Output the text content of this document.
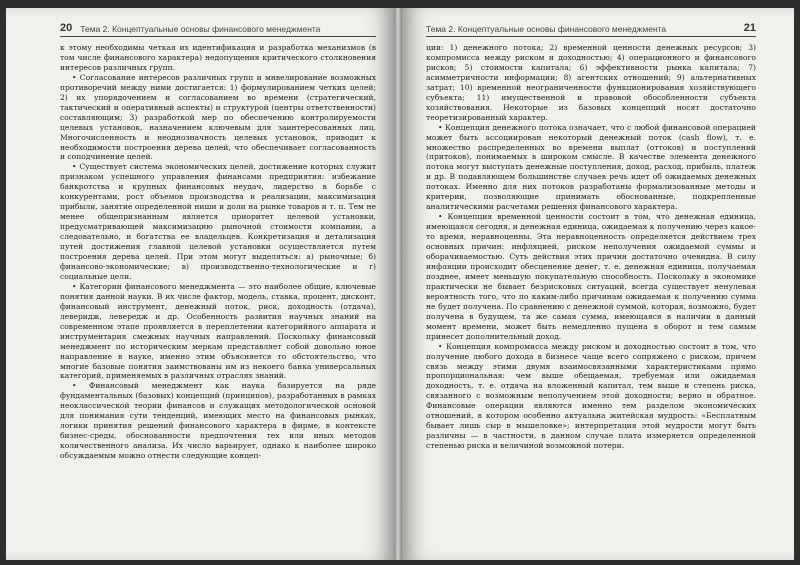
20 Тема 2. Концептуальные основы финансового менеджмента

к этому необходимы четкая их идентификация и разработка механизмов (в том числе финансового характера) недопущения критического столкновения интересов различных групп.

• Согласование интересов различных групп и мнвелирование возможных противоречий между ними достигается: 1) формулированием четких целей; 2) их упорядочением и согласованием во времени (стратегический, тактический и оперативный аспекты) и структурой (центры ответственности) составляющим; 3) разработкой мер по обеспечению контролируемости целевых установок, назначением ключевым для заинтересованных лиц. Многочисленность и неоднозначность целевых установок, приводит к необходимости построения дерева целей, что обеспечивает согласованность и соподчинение целей.

• Существует система экономических целей, достижение которых служит признаком успешного управления финансами предприятия: избежание банкротства и крупных финансовых неудач, лидерство в борьбе с конкурентами, рост объемов производства и реализации, максимизация прибыли, занятие определенной ниши и доли на рынке товаров и т. п. Тем не менее общепризнанным является приоритет целевой установки, предусматривающей максимизацию рыночной стоимости компании, а следовательно, и богатства ее владельцев. Конкретизация и детализация путей достижения главной целевой установки осуществляется путем построения дерева целей. При этом могут выделяться: а) рыночные; б) финансово-экономические; в) производственно-технологические и г) социальные цели.

• Категории финансового менеджмента — это наиболее общие, ключевые понятия данной науки. В их числе фактор, модель, ставка, процент, дисконт, финансовый инструмент, денежный поток, риск, доходность (отдача), леверидж, левередж и др. Особенность развития научных знаний на современном этапе проявляется в переплетении категорийного аппарата и инструментария смежных научных направлений. Поскольку финансовый менеджмент по историческим меркам представляет собой довольно юное направление в науке, именно этим объясняется то обстоятельство, что многие базовые понятия заимствованы им из некоего банка универсальных категорий, применяемых в различных отраслях знаний.

• Финансовый менеджмент как наука базируется на ряде фундаментальных (базовых) концепций (принципов), разработанных в рамках неоклассической теории финансов и служащих методологической основой для понимания сути тенденций, имеющих место на финансовых рынках, логики принятия решений финансового характера в фирме, в контексте бизнес-среды, обоснованности предпочтения тех или иных методов количественного анализа. Их число варьирует, однако к наиболее широко обсуждаемым можно отнести следующие концеп-

Тема 2. Концептуальные основы финансового менеджмента	21

ции: 1) денежного потока; 2) временной ценности денежных ресурсов; 3) компромисса между риском и доходностью; 4) операционного и финансового рисков; 5) стоимости капитала; 6) эффективности рынка капитала; 7) асимметричности информации; 8) агентских отношений; 9) альтернативных затрат; 10) временной неограниченности функционирования хозяйствующего субъекта; 11) имущественной и правовой обособленности субъекта хозяйствования. Некоторые из базовых концепций носят достаточно теоретизированный характер.

• Концепция денежного потока означает, что с любой финансовой операцией может быть ассоциирован некоторый денежный поток (cash flow), т. е. множество распределенных во времени выплат (оттоков) и поступлений (притоков), понимаемых в широком смысле. В качестве элемента денежного потока могут выступать денежные поступления, доход, расход, прибыль, платеж и др. В подавляющем большинстве случаев речь идет об ожидаемых денежных потоках. Именно для них потоков разработаны формализованные методы и критерии, позволяющие принимать обоснованные, подкрепленные аналитическими расчетами решения финансового характера.

• Концепция временной ценности состоит в том, что денежная единица, имеющаяся сегодня, и денежная единица, ожидаемая к получению через какое-то время, неравноценны. Эта неравноценность определяется действием трех основных причин: инфляцией, риском неполучения ожидаемой суммы и оборачиваемостью. Суть действия этих причин достаточно очевидна. В силу инфляции происходит обесценение денег, т. е. денежная единица, получаемая позднее, имеет меньшую покупательную способность. Поскольку в экономике практически не бывает безрисковых ситуаций, всегда существует ненулевая вероятность того, что по каким-либо причинам ожидаемая к получению сумма не будет получена. По сравнению с денежной суммой, которая, возможно, будет получена в будущем, та же самая сумма, имеющаяся в наличии в данный момент времени, может быть немедленно пущена в оборот и тем самым принесет дополнительный доход.

• Концепция компромисса между риском и доходностью состоит в том, что получение любого дохода в бизнесе чаще всего сопряжено с риском, причем связь между этими двумя взаимосвязанными характеристиками прямо пропорциональная: чем выше обещаемая, требуемая или ожидаемая доходность, т. е. отдача на вложенный капитал, тем выше и степень риска, связанного с возможным неполучением этой доходности; верно и обратное. Финансовые операции являются именно тем разделом экономических отношений, в котором особенно актуальна житейская мудрость: «Бесплатным бывает лишь сыр в мышеловке»; интерпретация этой мудрости могут быть различны — в частности, в данном случае плата измеряется определенной степенью риска и величиной возможной потери.
